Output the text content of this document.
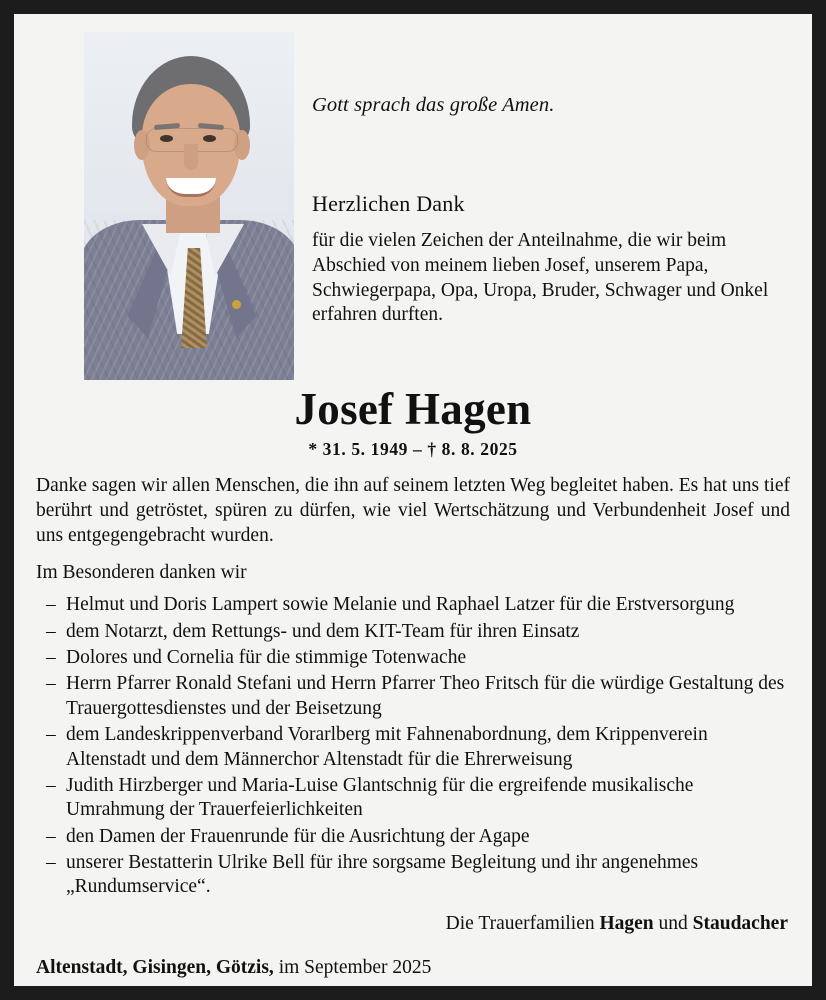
Gott sprach das große Amen.

Herzlichen Dank

für die vielen Zeichen der Anteilnahme, die wir beim Abschied von meinem lieben Josef, unserem Papa, Schwiegerpapa, Opa, Uropa, Bruder, Schwager und Onkel erfahren durften.

Josef Hagen

* 31. 5. 1949 – † 8. 8. 2025

Danke sagen wir allen Menschen, die ihn auf seinem letzten Weg begleitet haben. Es hat uns tief berührt und getröstet, spüren zu dürfen, wie viel Wertschätzung und Verbundenheit Josef und uns entgegengebracht wurden.

Im Besonderen danken wir

– Helmut und Doris Lampert sowie Melanie und Raphael Latzer für die Erstversorgung
– dem Notarzt, dem Rettungs- und dem KIT-Team für ihren Einsatz
– Dolores und Cornelia für die stimmige Totenwache
– Herrn Pfarrer Ronald Stefani und Herrn Pfarrer Theo Fritsch für die würdige Gestaltung des Trauergottesdienstes und der Beisetzung
– dem Landeskrippenverband Vorarlberg mit Fahnenabordnung, dem Krippenverein Altenstadt und dem Männerchor Altenstadt für die Ehrerweisung
– Judith Hirzberger und Maria-Luise Glantschnig für die ergreifende musikalische Umrahmung der Trauerfeierlichkeiten
– den Damen der Frauenrunde für die Ausrichtung der Agape
– unserer Bestatterin Ulrike Bell für ihre sorgsame Begleitung und ihr angenehmes „Rundumservice“.

Die Trauerfamilien Hagen und Staudacher

Altenstadt, Gisingen, Götzis, im September 2025
